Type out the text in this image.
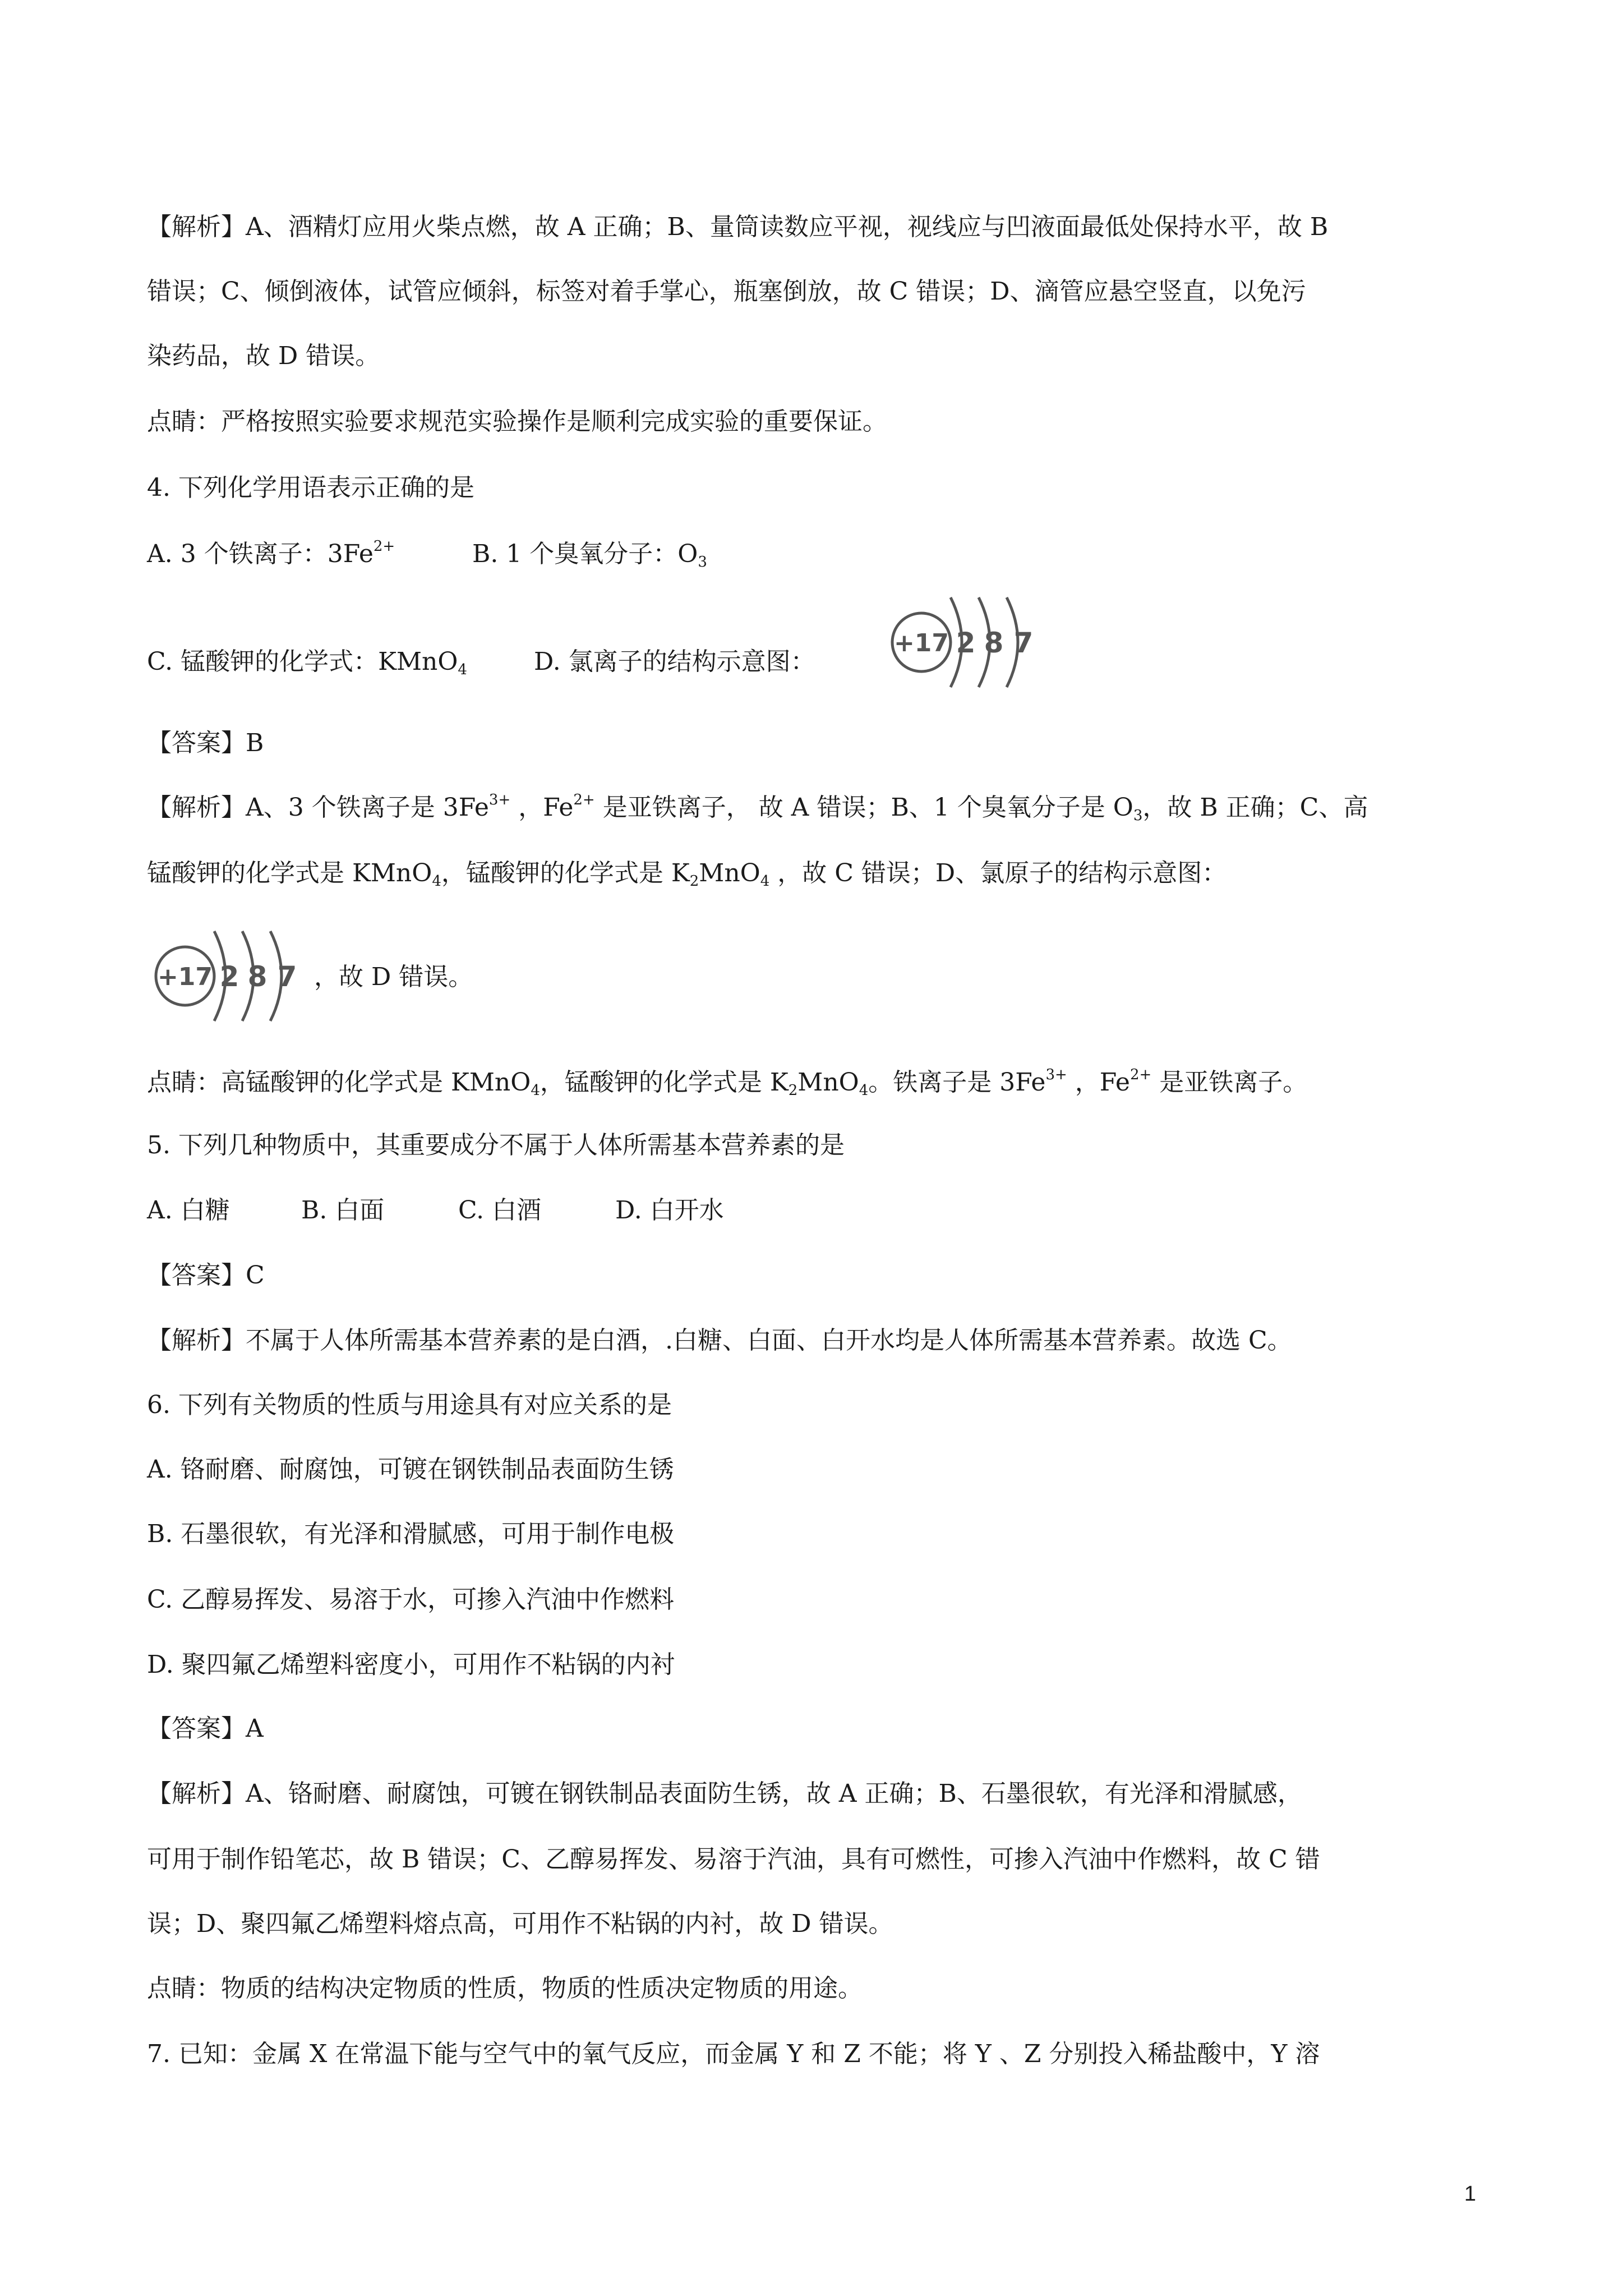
【解析】A、酒精灯应用火柴点燃，故 A 正确；B、量筒读数应平视，视线应与凹液面最低处保持水平，故 B
错误；C、倾倒液体，试管应倾斜，标签对着手掌心，瓶塞倒放，故 C 错误；D、滴管应悬空竖直，以免污
染药品，故 D 错误。
点睛：严格按照实验要求规范实验操作是顺利完成实验的重要保证。
4. 下列化学用语表示正确的是
A. 3 个铁离子：$3Fe^{2+}$	B. 1 个臭氧分子：$O_3$
C. 锰酸钾的化学式：KMnO$_4$	D. 氯离子的结构示意图：
+17 2 8 7
【答案】B
【解析】A、3 个铁离子是 $3Fe^{3+}$ ，$Fe^{2+}$ 是亚铁离子， 故 A 错误；B、1 个臭氧分子是 $O_3$，故 B 正确；C、高
锰酸钾的化学式是 KMnO$_4$，锰酸钾的化学式是 $K_2MnO_4$ ，故 C 错误；D、氯原子的结构示意图：
+17 2 8 7 ，故 D 错误。
点睛：高锰酸钾的化学式是 KMnO$_4$，锰酸钾的化学式是 $K_2MnO_4$。铁离子是 $3Fe^{3+}$ ，$Fe^{2+}$ 是亚铁离子。
5. 下列几种物质中，其重要成分不属于人体所需基本营养素的是
A. 白糖	B. 白面	C. 白酒	D. 白开水
【答案】C
【解析】不属于人体所需基本营养素的是白酒，.白糖、白面、白开水均是人体所需基本营养素。故选 C。
6. 下列有关物质的性质与用途具有对应关系的是
A. 铬耐磨、耐腐蚀，可镀在钢铁制品表面防生锈
B. 石墨很软，有光泽和滑腻感，可用于制作电极
C. 乙醇易挥发、易溶于水，可掺入汽油中作燃料
D. 聚四氟乙烯塑料密度小，可用作不粘锅的内衬
【答案】A
【解析】A、铬耐磨、耐腐蚀，可镀在钢铁制品表面防生锈，故 A 正确；B、石墨很软，有光泽和滑腻感，
可用于制作铅笔芯，故 B 错误；C、乙醇易挥发、易溶于汽油，具有可燃性，可掺入汽油中作燃料，故 C 错
误；D、聚四氟乙烯塑料熔点高，可用作不粘锅的内衬，故 D 错误。
点睛：物质的结构决定物质的性质，物质的性质决定物质的用途。
7. 已知：金属 X 在常温下能与空气中的氧气反应，而金属 Y 和 Z 不能；将 Y 、Z 分别投入稀盐酸中，Y 溶
1
